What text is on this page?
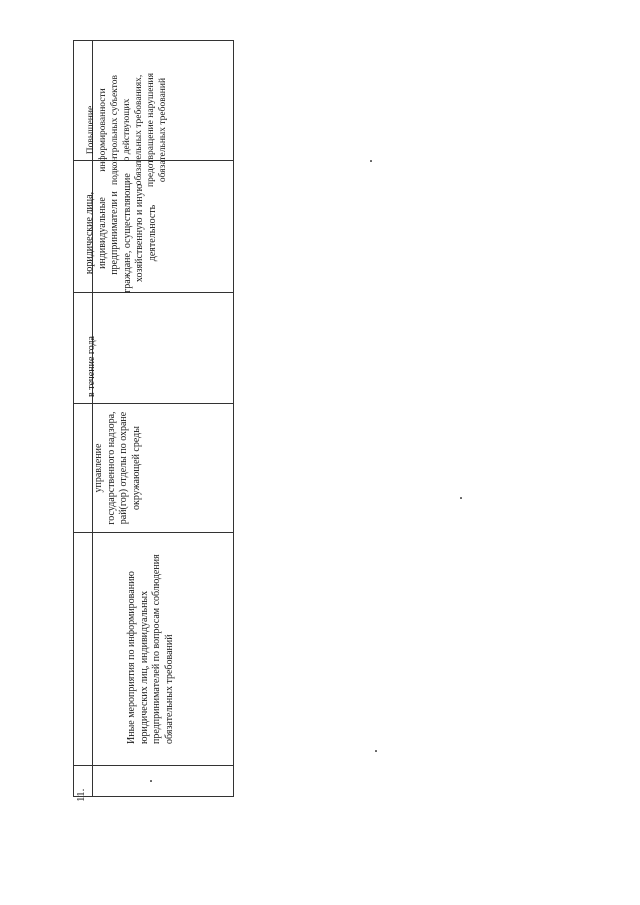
11.
Иные мероприятия по информированию юридических лиц, индивидуальных предпринимателей по вопросам соблюдения обязательных требований
управление государственного надзора, рай(гор) отделы по охране окружающей среды
в течение года
юридические лица, индивидуальные предприниматели и граждане, осуществляющие хозяйственную и иную деятельность
Повышение информированности подконтрольных субъектов о действующих обязательных требованиях, предотвращение нарушения обязательных требований
